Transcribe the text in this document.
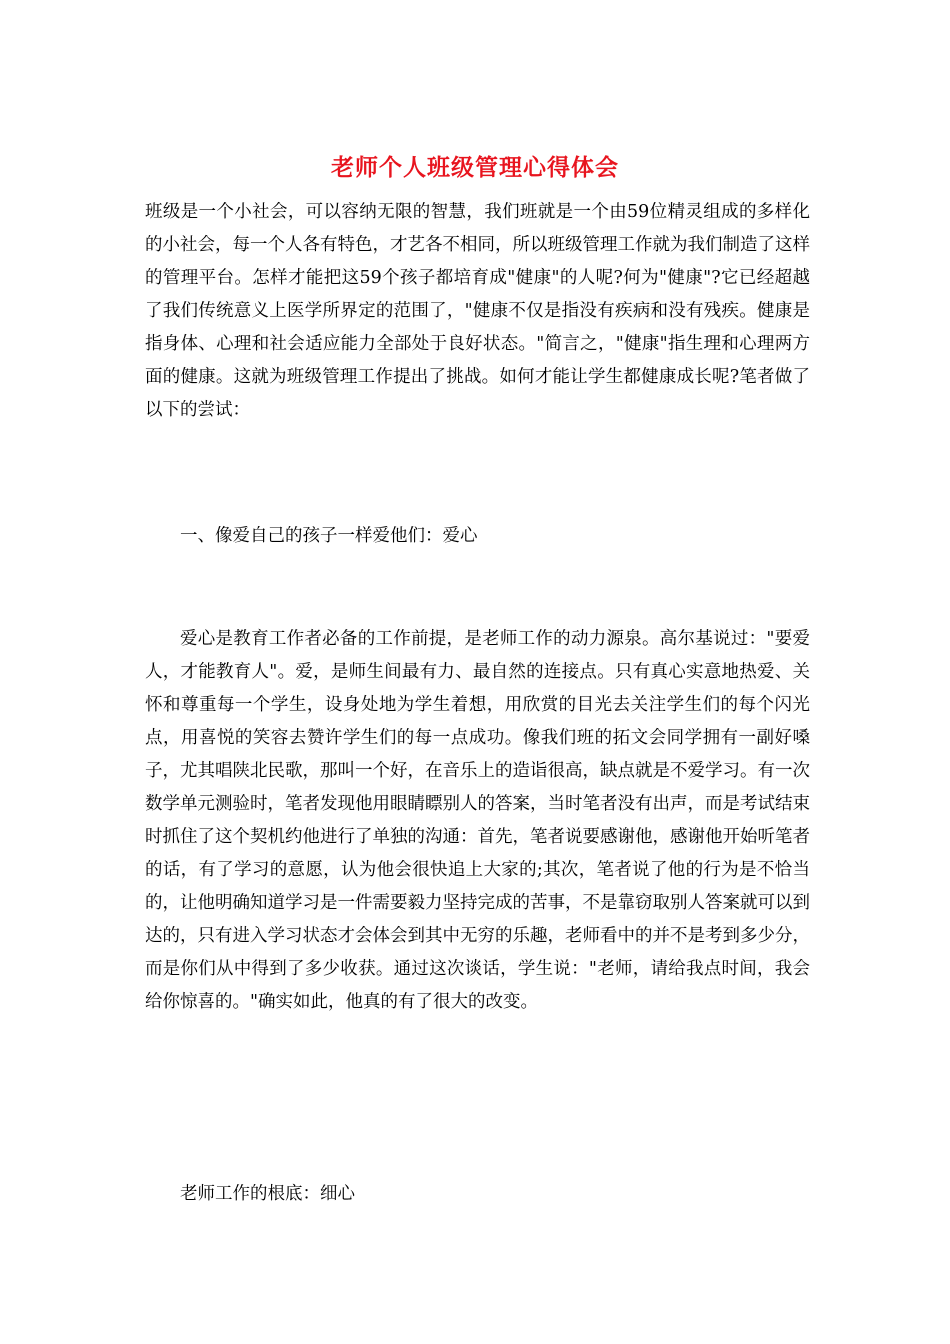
老师个人班级管理心得体会

班级是一个小社会，可以容纳无限的智慧，我们班就是一个由59位精灵组成的多样化的小社会，每一个人各有特色，才艺各不相同，所以班级管理工作就为我们制造了这样的管理平台。怎样才能把这59个孩子都培育成"健康"的人呢?何为"健康"?它已经超越了我们传统意义上医学所界定的范围了，"健康不仅是指没有疾病和没有残疾。健康是指身体、心理和社会适应能力全部处于良好状态。"简言之，"健康"指生理和心理两方面的健康。这就为班级管理工作提出了挑战。如何才能让学生都健康成长呢?笔者做了以下的尝试：

一、像爱自己的孩子一样爱他们：爱心

爱心是教育工作者必备的工作前提，是老师工作的动力源泉。高尔基说过："要爱人，才能教育人"。爱，是师生间最有力、最自然的连接点。只有真心实意地热爱、关怀和尊重每一个学生，设身处地为学生着想，用欣赏的目光去关注学生们的每个闪光点，用喜悦的笑容去赞许学生们的每一点成功。像我们班的拓文会同学拥有一副好嗓子，尤其唱陕北民歌，那叫一个好，在音乐上的造诣很高，缺点就是不爱学习。有一次数学单元测验时，笔者发现他用眼睛瞟别人的答案，当时笔者没有出声，而是考试结束时抓住了这个契机约他进行了单独的沟通：首先，笔者说要感谢他，感谢他开始听笔者的话，有了学习的意愿，认为他会很快追上大家的;其次，笔者说了他的行为是不恰当的，让他明确知道学习是一件需要毅力坚持完成的苦事，不是靠窃取别人答案就可以到达的，只有进入学习状态才会体会到其中无穷的乐趣，老师看中的并不是考到多少分，而是你们从中得到了多少收获。通过这次谈话，学生说："老师，请给我点时间，我会给你惊喜的。"确实如此，他真的有了很大的改变。

老师工作的根底：细心
